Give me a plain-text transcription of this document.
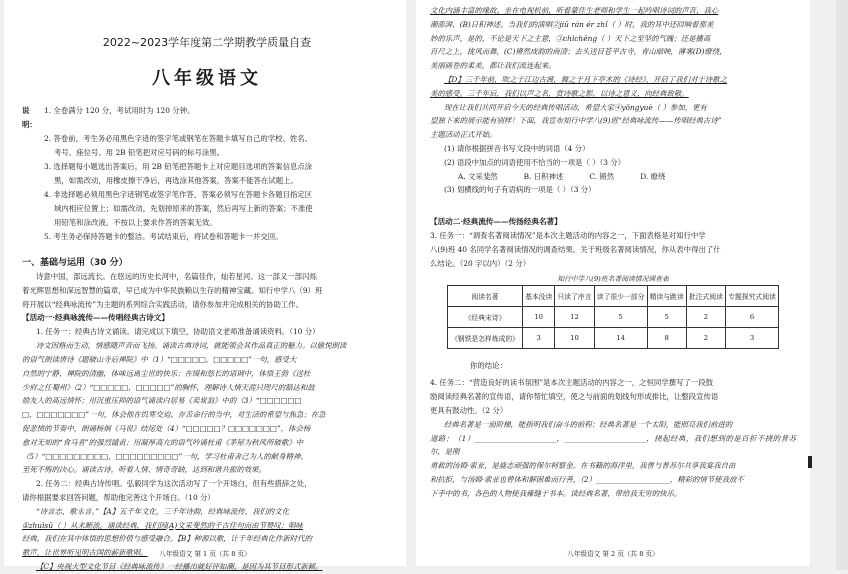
2022~2023学年度第二学期教学质量自查
八年级语文
说明：
1. 全卷满分 120 分，考试用时为 120 分钟。
2. 答卷前，考生务必用黑色字迹的签字笔或钢笔在答题卡填写自己的学校、姓名、
考号、座位号。用 2B 铅笔把对应号码的标号涂黑。
3. 选择题每小题选出答案后，用 2B 铅笔把答题卡上对应题目选项的答案信息点涂
黑，如需改动，用橡皮擦干净后，再选涂其他答案，答案不能答在试题上。
4. 非选择题必须用黑色字迹钢笔或签字笔作答，答案必须写在答题卡各题目指定区
域内相应位置上；如需改动，先划掉原来的答案，然后再写上新的答案；不准使
用铅笔和涂改液。不按以上要求作答的答案无效。
5. 考生务必保持答题卡的整洁。考试结束后，将试卷和答题卡一并交回。
一、基础与运用（30 分）
诗意中国，部远流长。在悠远的历史长河中，名篇佳作，灿若星河。这一部又一部闪烁
着光辉思想和深远智慧的篇章，早已成为中华民族赖以生存的精神宝藏。知行中学八（9）班
将开展以“经典咏流传”为主题的系列综合实践活动，请你参加并完成相关的协助工作。
【活动一·经典咏流传——传唱经典古诗文】
1. 任务一：经典古诗文诵读。请完成以下填空，协助语文老师准备诵读资料。（10 分）
诗文因格而生动，情感随声音而飞扬。诵读古典诗词，就能领会其作品真正的魅力。以偷悦朗读
的语气朗读唐诗《题破山寺后禅院》中（1）“□□□□□，□□□□□”一句，感受大
自然的宁静、禅院的清幽，体味远离尘世的快乐；在缓和悠长的语调中，体悟王勃《送杜
少府之任蜀州》（2）“□□□□□，□□□□□”的胸怀，理解诗人情天涯只咫尺的豁达和鼓
励友人的高远情怀；用沉重压抑的语气诵读白居易《卖炭翁》中的（3）“□□□□□□
□，□□□□□□□”一句，体会他在饥寒交迫、存苦命行的当中，对生活的希望与焦急；在急
促悲愤的节奏中，朗诵杨炯《马说》结尾处（4）“□□□□□？□□□□□□□”，体会杨
愈对无知的“食马者”的强烈谴责；用凝厚高亢的语气吟诵杜甫《茅屋为秋风所破歌》中
（5）“□□□□□□□□□，□□□□□□□□□”一句，学习杜甫舍己为人的献身精神、
至死不悔的决心。诵读古诗，听着人情、情奇奇缺，达到和谐共振的效果。
2. 任务二：经典古诗传唱。弘毅同学为这次活动写了一个开场白，但有些措辞之处，
请你根据要求回答问题，帮助他完善这个开场白。（10 分）
“诗言志，歌永言。”【A】五千年文化，三千年诗韵，经典咏流传，我们的文化
①zhuìsū（ ）从未断流。诵读经典，我们因(A)文采斐然的千古佳句而由节赞叹；唱咏
经典，我们在其中体悟的思想价值与感受融合。【B】种源以歌，让千年经典化作新时代的
歌声，让世界听见明古国的薪新歌唱。
【C】央视大型文化节目《经典咏流传》一经播出就好评如潮，是因为其节目形式新颖。
八年级语文 第 1 页（共 8 页）
文化内涵丰富的缘故。坐在电视机前，听着蒙佳生老师和学生一起吟唱诗词的声音，我心
潮澎湃，(B)日积神述。当我们的演唱②jiū rán ér zhǐ（ ）时，我的耳中还回响着那美
妙的乐声，是的，不论是天下之主意，③chìchěng（ ）天下之至坚的气魄；还是播高
百尺之上，拢风而舞，(C)锵然成韵的商清；去头送目苍平古寺，青山暗映，薄雾(D)缭绕，
美丽画卷的柔美，都让我们流连起来。
【D】三千年前，吹之于江边古渡，舞之于月下亭木的《诗经》，开启了我们对于诗歌之
美的感受。三千年后，我们以声之名，赏诗歌之影，以诗之意义，向经典致敬。
现在让我们共同开启今天的经典传唱活动，希望大家④yǒngyuè（ ）参加，更有
望独下来的展示能有别样！下面，我宣布知行中学八(9)班“经典咏流传——传唱经典古诗”
主题活动正式开始。
(1) 请你根据拼音书写文段中的词语（4 分）
(2) 语段中加点的词语使用不恰当的一项是（ ）（3 分）
A. 文采斐然	B. 日积神述	C. 锵然	D. 缭绕
(3) 划横线的句子有语病的一项是（ ）（3 分）
【活动二·经典流传——传扬经典名著】
3. 任务一：“调查名著阅读情况”是本次主题活动的内容之一，下面表格是对知行中学
八(9)班 40 名同学名著阅读情况的调查结果。关于班级名著阅读情况，你从表中得出了什
么结论。（20 字以内）（2 分）
知行中学八(9)班名著阅读情况调查表
阅读名著	基本没读	只读了序言	读了很少一部分	精读与跳读	批注式阅读	专题探究式阅读
《经典宋诗》	10	12	5	5	2	6
《钢铁是怎样炼成的》	3	10	14	8	2	3
你的结论：
4. 任务二：“营造良好的读书氛围”是本次主题活动的内容之一，之恒同学撰写了一段鼓
励阅读经典名著的宣传语，请你帮忙填空，使之与前面的划线句形成排比，让整段宣传语
更具有鼓动性。（2 分）
经典名著是一扇阶梯，能指明我们奋斗的前程；经典名著是一个太阳，能照亮我们前进的
道路；（1）______________________，______________________，挠起经典，我们想到的是百折不挠的普苏尔，是刚
勇救的汤姆·索亚，是鹿志顽强的保尔柯察金。在书籍的海洋里，我曾与普苏尔共享我宴我自由
和抗拒，与汤姆·索亚也曾体和解困难而行善，（2）____________________，精彩的情节使我放不
下手中的书，各色的人物使我雍缝于书本。读经典名著，带给我无穷的快乐。
八年级语文 第 2 页（共 8 页）
